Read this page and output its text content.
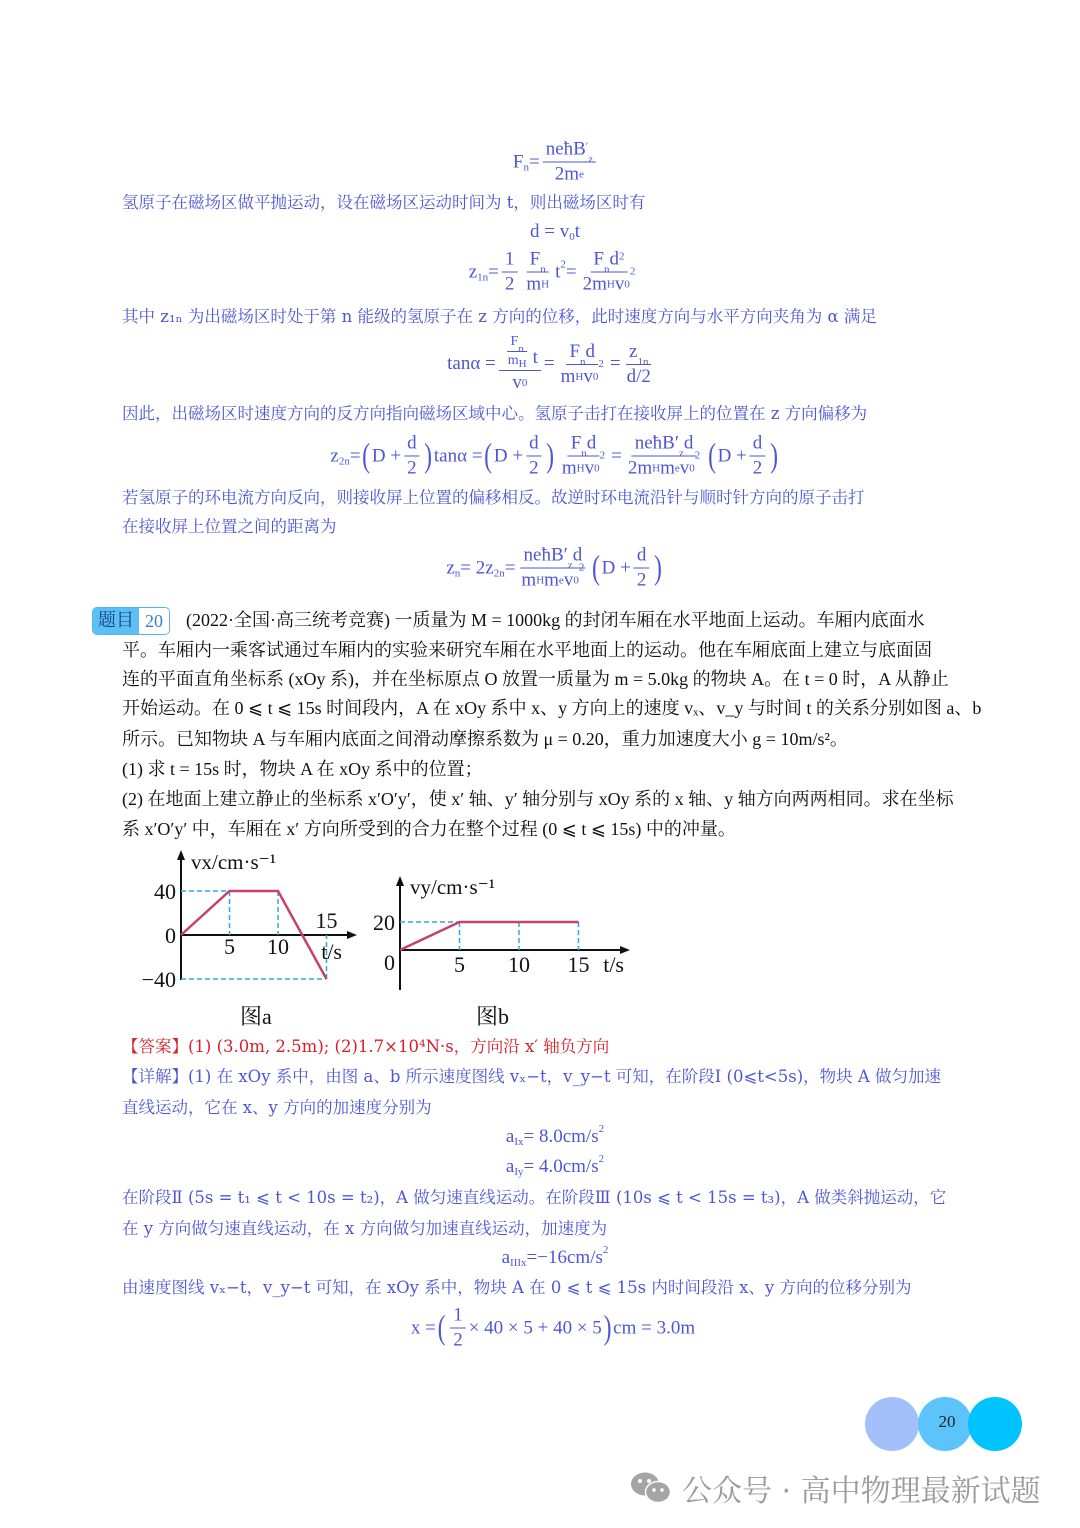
F n = neħB ′
z
2m e
氢原子在磁场区做平抛运动，设在磁场区运动时间为 t，则出磁场区时有
d = v 0 t
z $1n = \frac{1}{2} \frac{\text{F n}}{\text{m H}}$ t 2 = F n d 2
2m H v 0
2
其中 z₁ₙ 为出磁场区时处于第 n 能级的氢原子在 z 方向的位移，此时速度方向与水平方向夹角为 α 满足
$\tan\alpha = \frac{\frac{\text{F n}}{\text{m H}} t}{v 0} = F$ n d
m H v 0
$2 = \frac{z 1n}{d/2}$
因此，出磁场区时速度方向的反方向指向磁场区域中心。氢原子击打在接收屏上的位置在 z 方向偏移为
z 2n = ( $D + \frac{d}{2}$ ) tanα = ( $D + \frac{d}{2}$ ) F n d
m H v 0
2 = neħB′ z d
2m H m e v 0
2 ( $D + \frac{d}{2}$ )
若氢原子的环电流方向反向，则接收屏上位置的偏移相反。故逆时环电流沿针与顺时针方向的原子击打
在接收屏上位置之间的距离为
z n = 2z 2n = neħB′ z d
m H m e v 0
2 ( $D + \frac{d}{2}$ )
题目 20	(2022·全国·高三统考竞赛) 一质量为 M = 1000kg 的封闭车厢在水平地面上运动。车厢内底面水
平。车厢内一乘客试通过车厢内的实验来研究车厢在水平地面上的运动。他在车厢底面上建立与底面固
连的平面直角坐标系 (xOy 系)，并在坐标原点 O 放置一质量为 m = 5.0kg 的物块 A。在 t = 0 时，A 从静止
开始运动。在 0 ⩽ t ⩽ 15s 时间段内，A 在 xOy 系中 x、y 方向上的速度 vₓ、v_y 与时间 t 的关系分别如图 a、b
所示。已知物块 A 与车厢内底面之间滑动摩擦系数为 μ = 0.20，重力加速度大小 g = 10m/s²。
(1) 求 t = 15s 时，物块 A 在 xOy 系中的位置；
(2) 在地面上建立静止的坐标系 x′O′y′，使 x′ 轴、y′ 轴分别与 xOy 系的 x 轴、y 轴方向两两相同。求在坐标
系 x′O′y′ 中，车厢在 x′ 方向所受到的合力在整个过程 (0 ⩽ t ⩽ 15s) 中的冲量。
5 10
15
40
0
−40
t/s
5 10 15
20
0	t/s
vx/cm·s⁻¹
vy/cm·s⁻¹
图a	图b
【答案】(1) (3.0m, 2.5m); (2)1.7×10⁴N·s，方向沿 x′ 轴负方向
【详解】(1) 在 xOy 系中，由图 a、b 所示速度图线 vₓ−t，v_y−t 可知，在阶段Ⅰ (0⩽t<5s)，物块 A 做匀加速
直线运动，它在 x、y 方向的加速度分别为
a Ix = 8.0cm/s 2
a Iy = 4.0cm/s 2
在阶段Ⅱ (5s = t₁ ⩽ t < 10s = t₂)，A 做匀速直线运动。在阶段Ⅲ (10s ⩽ t < 15s = t₃)，A 做类斜抛运动，它
在 y 方向做匀速直线运动，在 x 方向做匀加速直线运动，加速度为
a IIIx =−16cm/s 2
由速度图线 vₓ−t，v_y−t 可知，在 xOy 系中，物块 A 在 0 ⩽ t ⩽ 15s 内时间段沿 x、y 方向的位移分别为
x = ( $\frac{1}{2} \times 40 \times 5 + 40 \times 5$ ) cm = 3.0m
20
公众号 · 高中物理最新试题
